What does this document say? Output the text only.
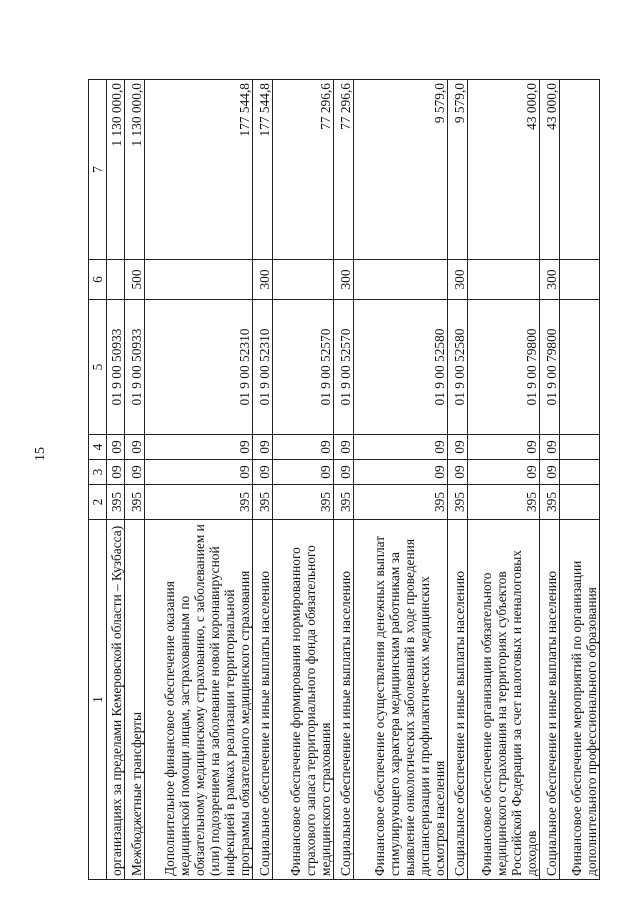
15
1	2	3	4	5	6	7
организациях за пределами Кемеровской области – Кузбасса)	395	09	09	01 9 00 50933		1 130 000,0
Межбюджетные трансферты	395	09	09	01 9 00 50933	500	1 130 000,0
Дополнительное финансовое обеспечение оказания медицинской помощи лицам, застрахованным по обязательному медицинскому страхованию, с заболеванием и (или) подозрением на заболевание новой коронавирусной инфекцией в рамках реализации территориальной программы обязательного медицинского страхования	395	09	09	01 9 00 52310		177 544,8
Социальное обеспечение и иные выплаты населению	395	09	09	01 9 00 52310	300	177 544,8
Финансовое обеспечение формирования нормированного страхового запаса территориального фонда обязательного медицинского страхования	395	09	09	01 9 00 52570		77 296,6
Социальное обеспечение и иные выплаты населению	395	09	09	01 9 00 52570	300	77 296,6
Финансовое обеспечение осуществления денежных выплат стимулирующего характера медицинским работникам за выявление онкологических заболеваний в ходе проведения диспансеризации и профилактических медицинских осмотров населения	395	09	09	01 9 00 52580		9 579,0
Социальное обеспечение и иные выплаты населению	395	09	09	01 9 00 52580	300	9 579,0
Финансовое обеспечение организации обязательного медицинского страхования на территориях субъектов Российской Федерации за счет налоговых и неналоговых доходов	395	09	09	01 9 00 79800		43 000,0
Социальное обеспечение и иные выплаты населению	395	09	09	01 9 00 79800	300	43 000,0
Финансовое обеспечение мероприятий по организации дополнительного профессионального образования						
